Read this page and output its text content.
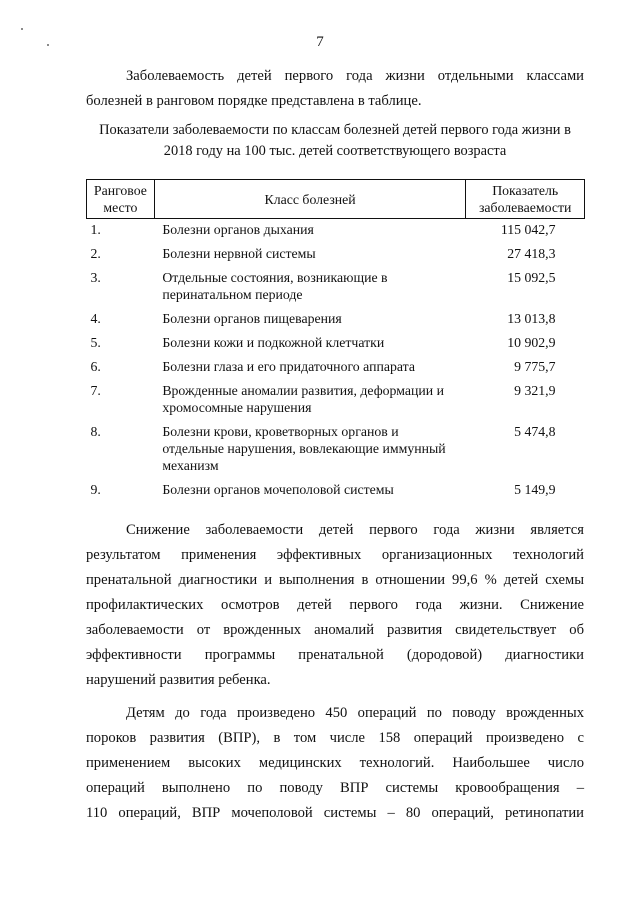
7

Заболеваемость детей первого года жизни отдельными классами
болезней в ранговом порядке представлена в таблице.

Показатели заболеваемости по классам болезней детей первого года жизни в
2018 году на 100 тыс. детей соответствующего возраста

Ранговое
место	Класс болезней	Показатель
заболеваемости

1.	Болезни органов дыхания	115 042,7
2.	Болезни нервной системы	27 418,3
3.	Отдельные состояния, возникающие в
перинатальном периоде	15 092,5
4.	Болезни органов пищеварения	13 013,8
5.	Болезни кожи и подкожной клетчатки	10 902,9
6.	Болезни глаза и его придаточного аппарата	9 775,7
7.	Врожденные аномалии развития, деформации и
хромосомные нарушения	9 321,9
8.	Болезни крови, кроветворных органов и
отдельные нарушения, вовлекающие иммунный
механизм	5 474,8
9.	Болезни органов мочеполовой системы	5 149,9

Снижение заболеваемости детей первого года жизни является
результатом применения эффективных организационных технологий
пренатальной диагностики и выполнения в отношении 99,6 % детей схемы
профилактических осмотров детей первого года жизни. Снижение
заболеваемости от врожденных аномалий развития свидетельствует об
эффективности программы пренатальной (дородовой) диагностики
нарушений развития ребенка.

Детям до года произведено 450 операций по поводу врожденных
пороков развития (ВПР), в том числе 158 операций произведено с
применением высоких медицинских технологий. Наибольшее число
операций выполнено по поводу ВПР системы кровообращения –
110 операций, ВПР мочеполовой системы – 80 операций, ретинопатии
